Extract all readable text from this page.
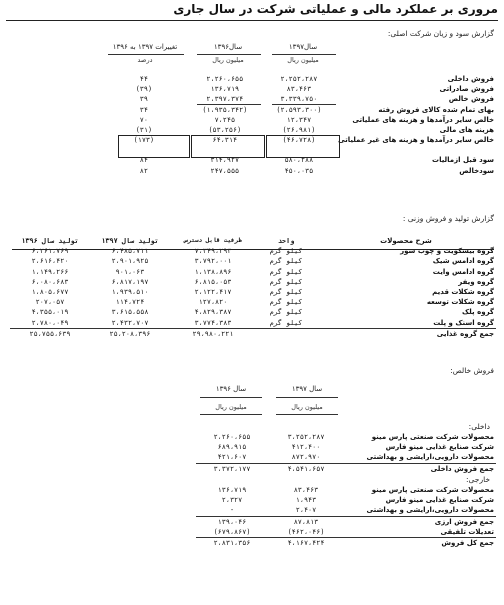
مروری بر عملکرد مالی و عملیاتی شرکت در سال جاری
گزارش سود و زیان شرکت اصلی:
سال۱۳۹۷
سال۱۳۹۶
تغییرات ۱۳۹۷ به ۱۳۹۶
میلیون ریال
میلیون ریال
درصد
۴۴	۲،۲۶۰،۶۵۵	۲،۲۵۲،۲۸۷	فروش داخلی
(۳۹)	۱۳۶،۷۱۹	۸۳،۴۶۳	فروش صادراتی
۳۹	۲،۳۹۷،۳۷۴	۳،۳۳۹،۷۵۰	فروش خالص
۳۴	(۱،۹۳۵،۳۴۲)	(۲،۵۹۳،۳۰۰)	بهای تمام شده کالای فروش رفته
۷۰	۷،۲۴۵	۱۲،۳۴۷	خالص سایر درآمدها و هزینه های عملیاتی
(۳۱)	(۵۳،۲۵۶)	(۲۶،۹۸۱)	هزینه های مالی
(۱۷۳)	۶۴،۳۱۴	(۴۶،۷۲۸)	خالص سایر درآمدها و هزینه های غیر عملیاتی

۸۴	۳۱۴،۹۲۷	۵۸۰،۲۸۸	سود قبل ازمالیات
۸۲	۲۴۷،۵۵۵	۴۵۰،۰۳۵	سودخالص
گزارش تولید و فروش وزنی :
تولید سال ۱۳۹۶	تولید سال ۱۳۹۷	ظرفیت قابل دسترس	واحد	شرح محصولات
۶،۲۶۱،۷۶۹	۶،۴۸۵،۷۱۱	۷،۳۴۹،۲۹۳	کیلو گرم	گروه بیسکویت و چوب شور
۲،۶۱۶،۴۲۰	۲،۹۰۱،۹۲۵	۳،۷۹۲،۰۰۱	کیلو گرم	گروه ادامس شیک
۱،۱۴۹،۲۶۶	۹۰۱،۰۶۳	۱،۱۳۸،۸۹۶	کیلو گرم	گروه ادامس وایت
۶،۰۸۰،۶۸۳	۶،۸۱۷،۱۹۷	۶،۸۱۵،۰۵۳	کیلو گرم	گروه ویفر
۱،۸۰۵،۶۷۷	۱،۹۳۹،۵۱۰	۲،۱۲۲،۴۱۷	کیلو گرم	گروه شکلات قدیم
۲۰۷،۰۵۷	۱۱۴،۷۲۴	۱۲۷،۸۲۰	کیلو گرم	گروه شکلات توسعه
۴،۳۵۵،۰۱۹	۳،۶۱۵،۵۵۸	۴،۸۲۹،۳۸۷	کیلو گرم	گروه پلک
۲،۷۸۰،۰۴۹	۲،۴۳۲،۷۰۷	۳،۷۷۴،۳۸۳	کیلو گرم	گروه اسنک و پلت
۲۵،۷۵۵،۶۳۹	۲۵،۲۰۸،۳۹۶	۲۹،۹۸۰،۲۲۱		جمع گروه غذایی
فروش خالص:
سال ۱۳۹۷
سال ۱۳۹۶
میلیون ریال
میلیون ریال
داخلی:
۲،۲۶۰،۶۵۵	۳،۲۵۲،۲۸۷	محصولات شرکت صنعتی پارس مینو
۶۸۹،۹۱۵	۴۱۲،۴۰۰	شرکت صنایع غذایی مینو فارس
۴۲۱،۶۰۷	۸۷۲،۹۷۰	محصولات دارویی،ارایشی و بهداشتی
۳،۳۷۲،۱۷۷	۴،۵۴۱،۶۵۷	جمع فروش داخلی
خارجی:
۱۳۶،۷۱۹	۸۳،۴۶۳	محصولات شرکت صنعتی پارس مینو
۲،۳۲۷	۱،۹۴۳	شرکت صنایع غذایی مینو فارس
-	۲،۴۰۷	محصولات دارویی،ارایشی و بهداشتی
۱۳۹،۰۴۶	۸۷،۸۱۳	جمع فروش ارزی
(۶۷۹،۸۶۷)	(۴۶۲،۰۴۶)	تعدیلات تلفیقی
۲،۸۳۱،۳۵۶	۴،۱۶۷،۴۲۴	جمع کل فروش
